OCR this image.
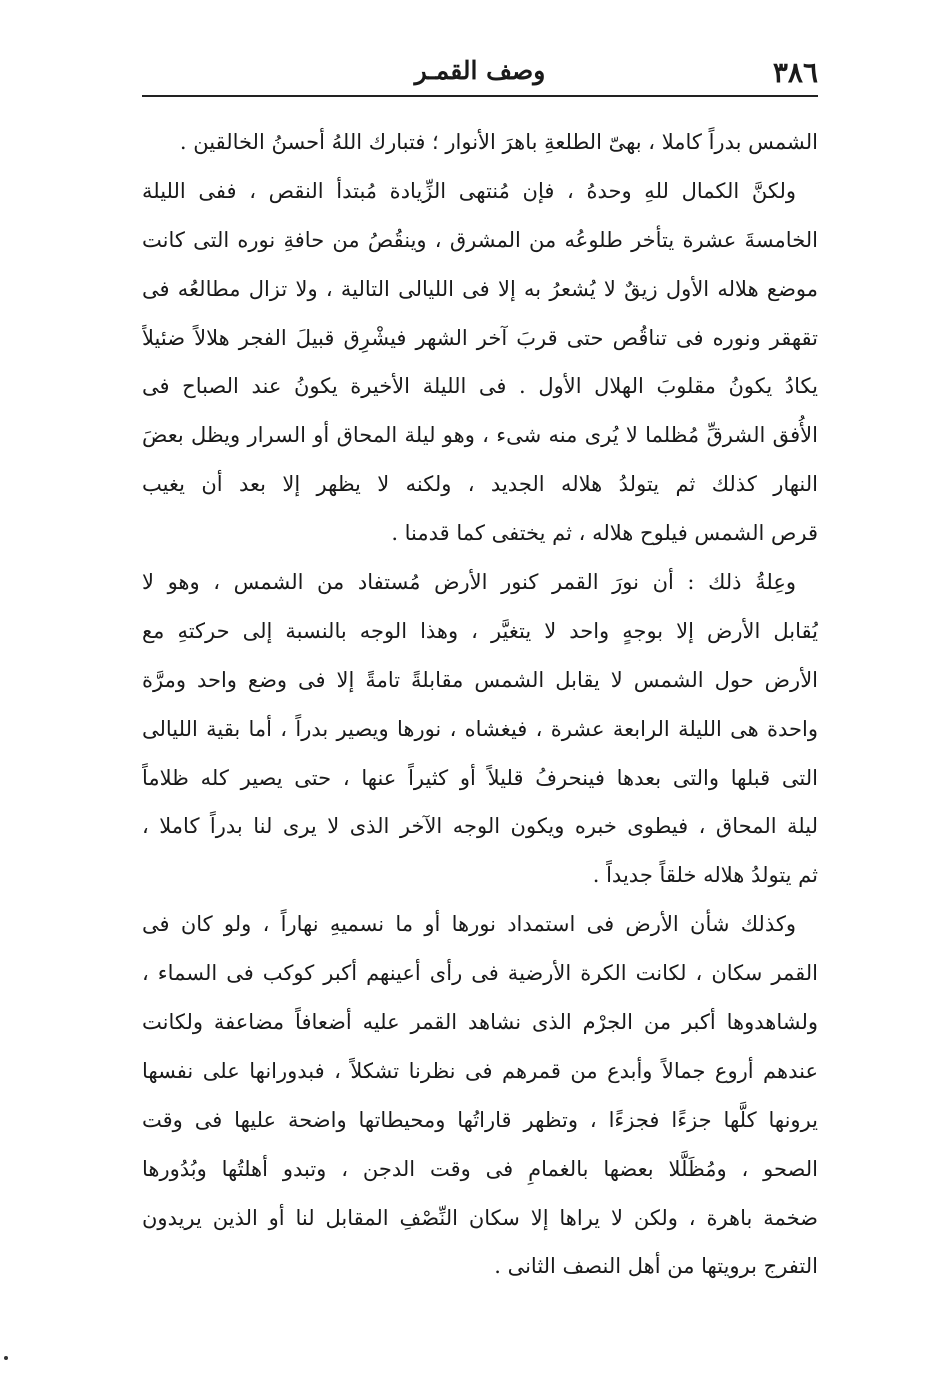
٣٨٦
وصف القمـر
الشمس بدراً كاملا ، بهىّ الطلعةِ باهرَ الأنوار ؛ فتبارك اللهُ أحسنُ الخالقين .
ولكنَّ الكمال للهِ وحدهُ ، فإن مُنتهى الزِّيادة مُبتدأ النقص ، ففى الليلة
الخامسةَ عشرة يتأخر طلوعُه من المشرق ، وينقُصُ من حافةِ نوره التى كانت
موضع هلاله الأول زيقٌ لا يُشعرُ به إلا فى الليالى التالية ، ولا تزال مطالعُه فى
تقهقر ونوره فى تناقُص حتى قربَ آخر الشهر فيشْرِق قبيلَ الفجر هلالاً ضئيلاً
يكادُ يكونُ مقلوبَ الهلال الأول . فى الليلة الأخيرة يكونُ عند الصباح فى
الأُفق الشرقِّ مُظلما لا يُرى منه شىء ، وهو ليلة المحاق أو السرار ويظل بعضَ
النهار كذلك ثم يتولدُ هلاله الجديد ، ولكنه لا يظهر إلا بعد أن يغيب
قرص الشمس فيلوح هلاله ، ثم يختفى كما قدمنا .
وعِلةُ ذلك : أن نورَ القمر كنور الأرض مُستفاد من الشمس ، وهو لا
يُقابل الأرض إلا بوجهٍ واحد لا يتغيَّر ، وهذا الوجه بالنسبة إلى حركتهِ مع
الأرض حول الشمس لا يقابل الشمس مقابلةً تامةً إلا فى وضع واحد ومرَّة
واحدة هى الليلة الرابعة عشرة ، فيغشاه ، نورها ويصير بدراً ، أما بقية الليالى
التى قبلها والتى بعدها فينحرفُ قليلاً أو كثيراً عنها ، حتى يصير كله ظلاماً
ليلة المحاق ، فيطوى خبره ويكون الوجه الآخر الذى لا يرى لنا بدراً كاملا ،
ثم يتولدُ هلاله خلقاً جديداً .
وكذلك شأن الأرض فى استمداد نورها أو ما نسميهِ نهاراً ، ولو كان فى
القمر سكان ، لكانت الكرة الأرضية فى رأى أعينهم أكبر كوكب فى السماء ،
ولشاهدوها أكبر من الجرْم الذى نشاهد القمر عليه أضعافاً مضاعفة ولكانت
عندهم أروع جمالاً وأبدع من قمرهم فى نظرنا تشكلاً ، فبدورانها على نفسها
يرونها كلَّها جزءًا فجزءًا ، وتظهر قاراتُها ومحيطاتها واضحة عليها فى وقت
الصحو ، ومُظَلَّلا بعضها بالغمامِ فى وقت الدجن ، وتبدو أهلتُها وبُدُورها
ضخمة باهرة ، ولكن لا يراها إلا سكان النِّصْفِ المقابل لنا أو الذين يريدون
التفرج برويتها من أهل النصف الثانى .
